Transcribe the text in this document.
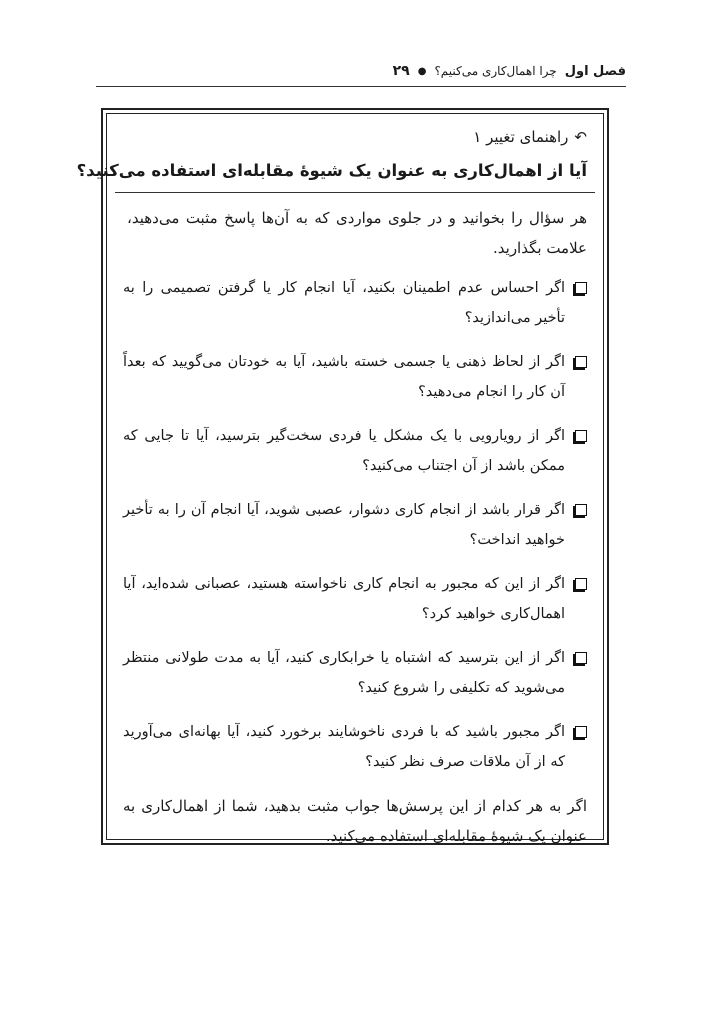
فصل اول
چرا اهمال‌کاری می‌کنیم؟
●
۲۹
↶
راهنمای تغییر ۱
آیا از اهمال‌کاری به عنوان یک شیوهٔ مقابله‌ای استفاده می‌کنید؟
هر سؤال را بخوانید و در جلوی مواردی که به آن‌ها پاسخ مثبت می‌دهید، علامت بگذارید.
اگر احساس عدم اطمینان بکنید، آیا انجام کار یا گرفتن تصمیمی را به تأخیر می‌اندازید؟
اگر از لحاظ ذهنی یا جسمی خسته باشید، آیا به خودتان می‌گویید که بعداً آن کار را انجام می‌دهید؟
اگر از رویارویی با یک مشکل یا فردی سخت‌گیر بترسید، آیا تا جایی که ممکن باشد از آن اجتناب می‌کنید؟
اگر قرار باشد از انجام کاری دشوار، عصبی شوید، آیا انجام آن را به تأخیر خواهید انداخت؟
اگر از این که مجبور به انجام کاری ناخواسته هستید، عصبانی شده‌اید، آیا اهمال‌کاری خواهید کرد؟
اگر از این بترسید که اشتباه یا خرابکاری کنید، آیا به مدت طولانی منتظر می‌شوید که تکلیفی را شروع کنید؟
اگر مجبور باشید که با فردی ناخوشایند برخورد کنید، آیا بهانه‌ای می‌آورید که از آن ملاقات صرف نظر کنید؟
اگر به هر کدام از این پرسش‌ها جواب مثبت بدهید، شما از اهمال‌کاری به عنوان یک شیوهٔ مقابله‌ای استفاده می‌کنید.
